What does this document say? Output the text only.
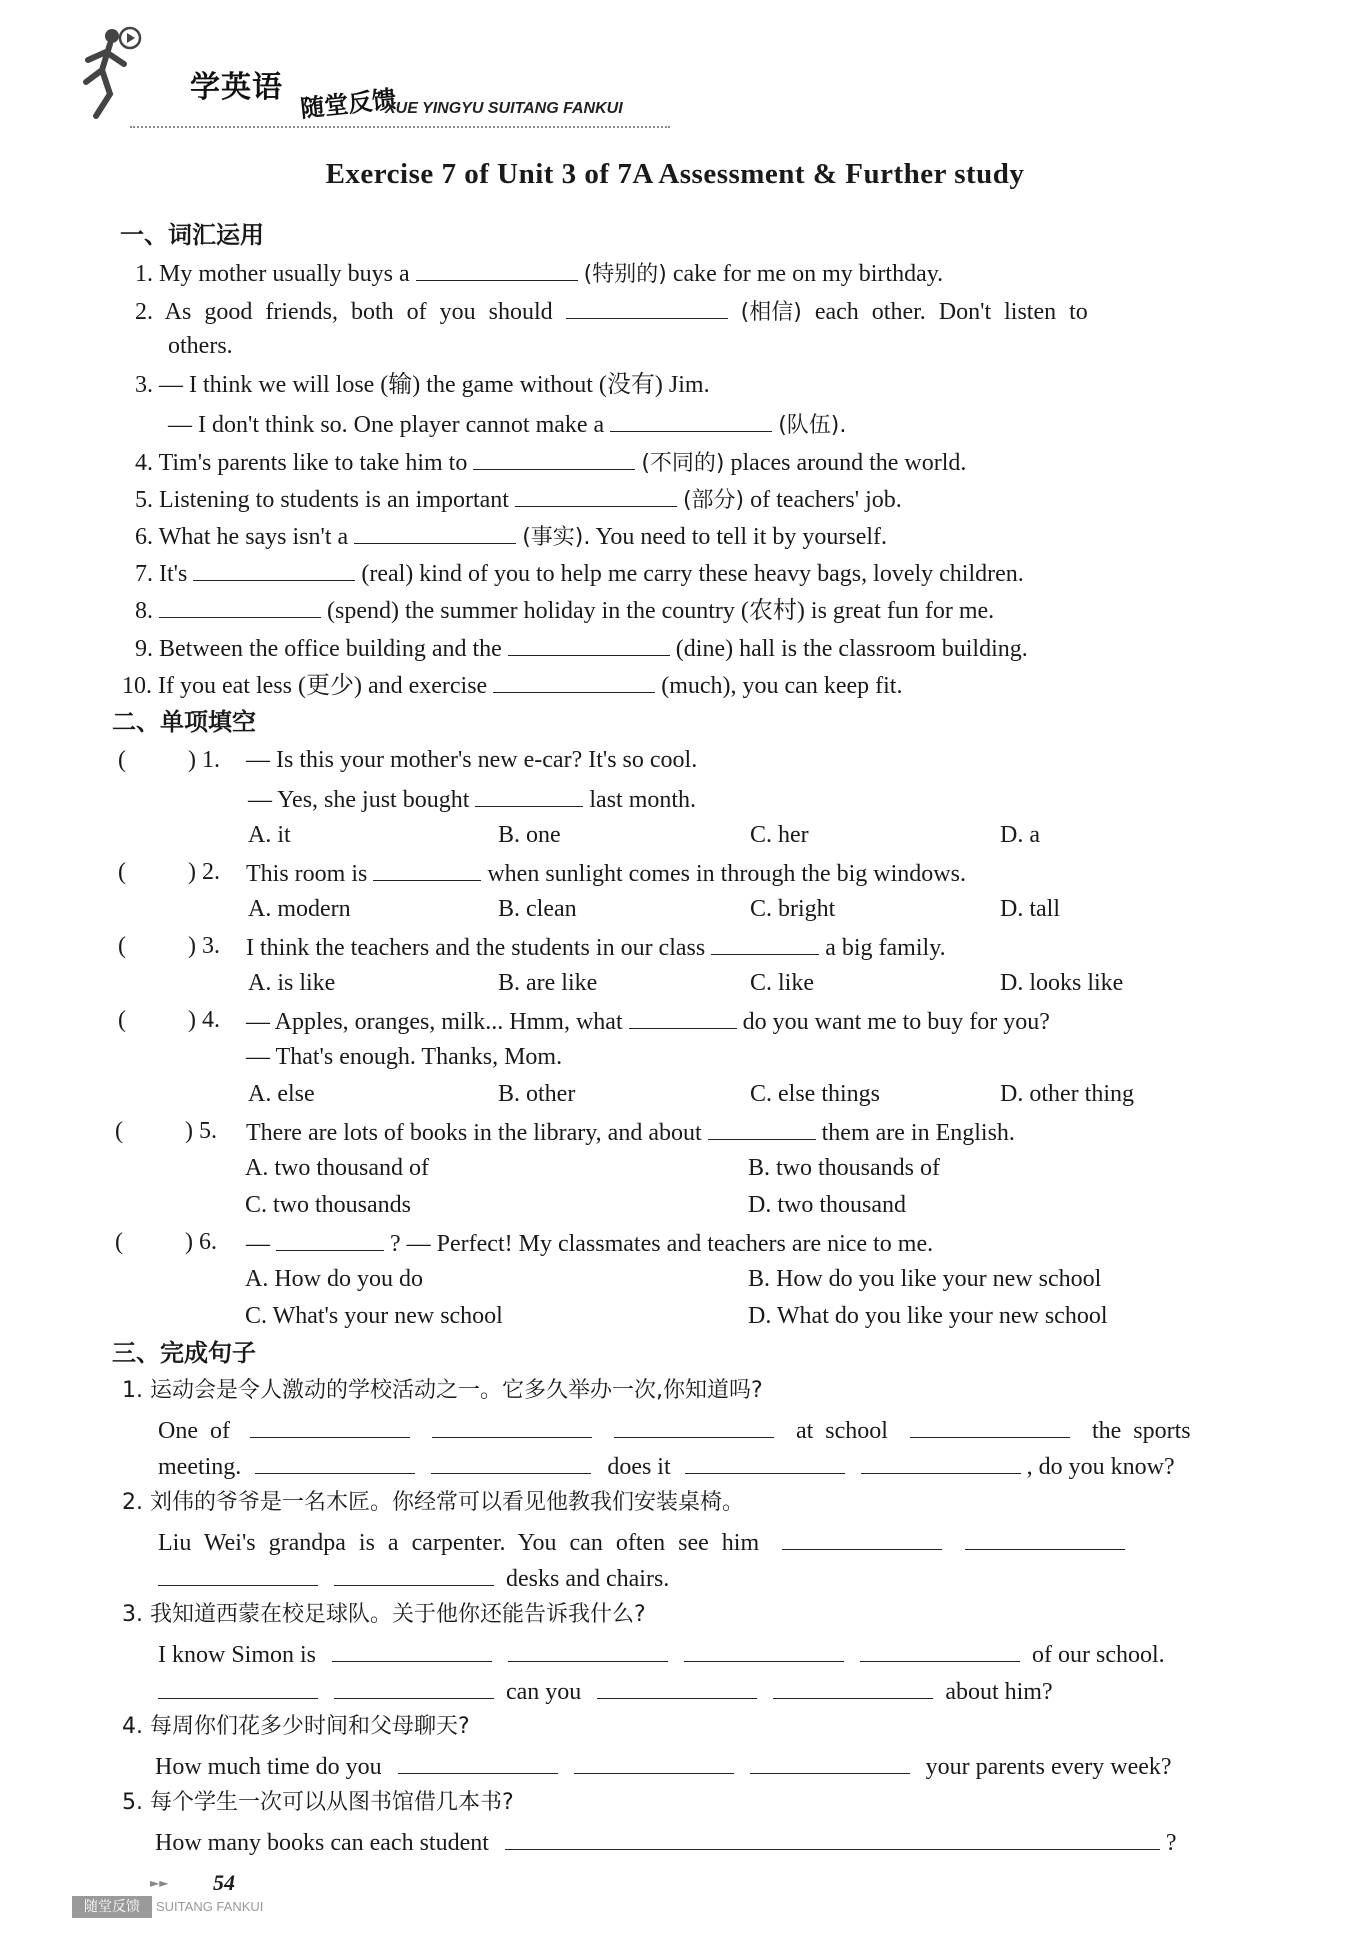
学英语 随堂反馈
XUE YINGYU SUITANG FANKUI
Exercise 7 of Unit 3 of 7A Assessment & Further study
一、词汇运用
1. My mother usually buys a	(特别的) cake for me on my birthday.
2. As good friends, both of you should	(相信) each other. Don't listen to
others.
3. — I think we will lose (输) the game without (没有) Jim.
— I don't think so. One player cannot make a	(队伍).
4. Tim's parents like to take him to	(不同的) places around the world.
5. Listening to students is an important	(部分) of teachers' job.
6. What he says isn't a	(事实). You need to tell it by yourself.
7. It's	(real) kind of you to help me carry these heavy bags, lovely children.
8.	(spend) the summer holiday in the country (农村) is great fun for me.
9. Between the office building and the	(dine) hall is the classroom building.
10. If you eat less (更少) and exercise	(much), you can keep fit.
二、单项填空
(	) 1. — Is this your mother's new e-car? It's so cool.
— Yes, she just bought	last month.
A. it	B. one	C. her	D. a
(	) 2. This room is	when sunlight comes in through the big windows.
A. modern	B. clean	C. bright	D. tall
(	) 3. I think the teachers and the students in our class	a big family.
A. is like	B. are like	C. like	D. looks like
(	) 4. — Apples, oranges, milk... Hmm, what	do you want me to buy for you?
— That's enough. Thanks, Mom.
A. else	B. other	C. else things	D. other thing
(	) 5. There are lots of books in the library, and about	them are in English.
A. two thousand of	B. two thousands of
C. two thousands	D. two thousand
(	) 6. —	? — Perfect! My classmates and teachers are nice to me.
A. How do you do	B. How do you like your new school
C. What's your new school	D. What do you like your new school
三、完成句子
1. 运动会是令人激动的学校活动之一。它多久举办一次,你知道吗?
One of	at school	the sports
meeting.	does it	, do you know?
2. 刘伟的爷爷是一名木匠。你经常可以看见他教我们安装桌椅。
Liu Wei's grandpa is a carpenter. You can often see him
desks and chairs.
3. 我知道西蒙在校足球队。关于他你还能告诉我什么?
I know Simon is	of our school.
can you	about him?
4. 每周你们花多少时间和父母聊天?
How much time do you	your parents every week?
5. 每个学生一次可以从图书馆借几本书?
How many books can each student	?
►► 54
随堂反馈	SUITANG FANKUI
